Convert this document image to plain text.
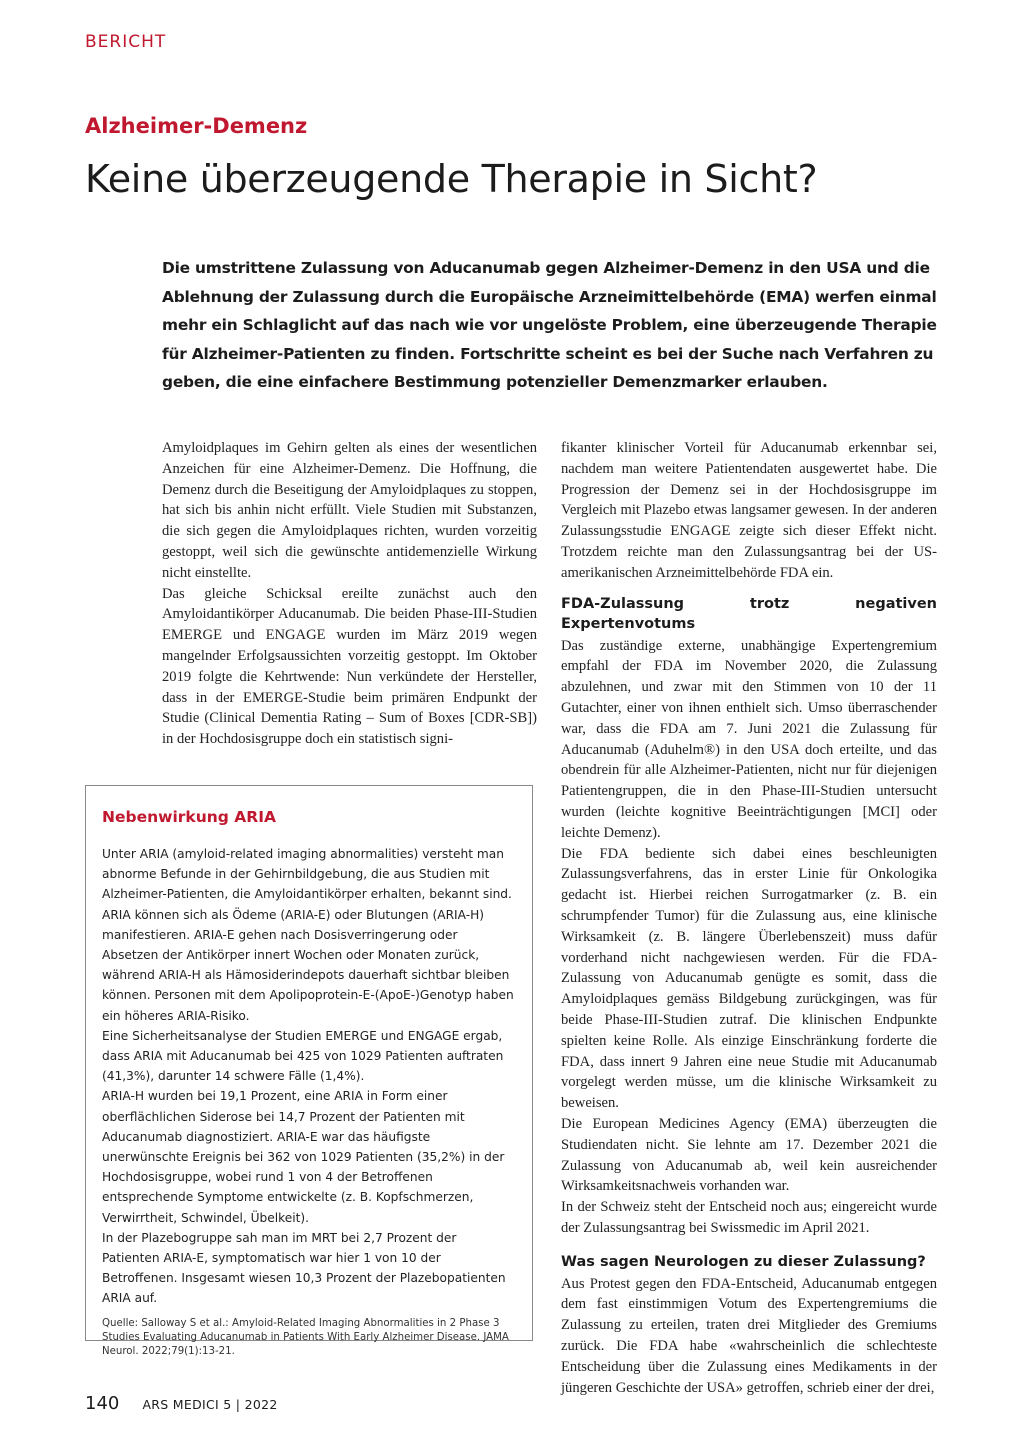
BERICHT
Alzheimer-Demenz
Keine überzeugende Therapie in Sicht?

Die umstrittene Zulassung von Aducanumab gegen Alzheimer-Demenz in den USA und die Ablehnung der Zulassung durch die Europäische Arzneimittelbehörde (EMA) werfen einmal mehr ein Schlaglicht auf das nach wie vor ungelöste Problem, eine überzeugende Therapie für Alzheimer-Patienten zu finden. Fortschritte scheint es bei der Suche nach Verfahren zu geben, die eine einfachere Bestimmung potenzieller Demenzmarker erlauben.

Amyloidplaques im Gehirn gelten als eines der wesentlichen Anzeichen für eine Alzheimer-Demenz. Die Hoffnung, die Demenz durch die Beseitigung der Amyloidplaques zu stoppen, hat sich bis anhin nicht erfüllt. Viele Studien mit Substanzen, die sich gegen die Amyloidplaques richten, wurden vorzeitig gestoppt, weil sich die gewünschte antidemenzielle Wirkung nicht einstellte.

Das gleiche Schicksal ereilte zunächst auch den Amyloidantikörper Aducanumab. Die beiden Phase-III-Studien EMERGE und ENGAGE wurden im März 2019 wegen mangelnder Erfolgsaussichten vorzeitig gestoppt. Im Oktober 2019 folgte die Kehrtwende: Nun verkündete der Hersteller, dass in der EMERGE-Studie beim primären Endpunkt der Studie (Clinical Dementia Rating – Sum of Boxes [CDR-SB]) in der Hochdosisgruppe doch ein statistisch signi-

fikanter klinischer Vorteil für Aducanumab erkennbar sei, nachdem man weitere Patientendaten ausgewertet habe. Die Progression der Demenz sei in der Hochdosisgruppe im Vergleich mit Plazebo etwas langsamer gewesen. In der anderen Zulassungsstudie ENGAGE zeigte sich dieser Effekt nicht. Trotzdem reichte man den Zulassungsantrag bei der US-amerikanischen Arzneimittelbehörde FDA ein.

FDA-Zulassung trotz negativen Expertenvotums

Das zuständige externe, unabhängige Expertengremium empfahl der FDA im November 2020, die Zulassung abzulehnen, und zwar mit den Stimmen von 10 der 11 Gutachter, einer von ihnen enthielt sich. Umso überraschender war, dass die FDA am 7. Juni 2021 die Zulassung für Aducanumab (Aduhelm®) in den USA doch erteilte, und das obendrein für alle Alzheimer-Patienten, nicht nur für diejenigen Patientengruppen, die in den Phase-III-Studien untersucht wurden (leichte kognitive Beeinträchtigungen [MCI] oder leichte Demenz).

Die FDA bediente sich dabei eines beschleunigten Zulassungsverfahrens, das in erster Linie für Onkologika gedacht ist. Hierbei reichen Surrogatmarker (z. B. ein schrumpfender Tumor) für die Zulassung aus, eine klinische Wirksamkeit (z. B. längere Überlebenszeit) muss dafür vorderhand nicht nachgewiesen werden. Für die FDA-Zulassung von Aducanumab genügte es somit, dass die Amyloidplaques gemäss Bildgebung zurückgingen, was für beide Phase-III-Studien zutraf. Die klinischen Endpunkte spielten keine Rolle. Als einzige Einschränkung forderte die FDA, dass innert 9 Jahren eine neue Studie mit Aducanumab vorgelegt werden müsse, um die klinische Wirksamkeit zu beweisen.

Die European Medicines Agency (EMA) überzeugten die Studiendaten nicht. Sie lehnte am 17. Dezember 2021 die Zulassung von Aducanumab ab, weil kein ausreichender Wirksamkeitsnachweis vorhanden war.

In der Schweiz steht der Entscheid noch aus; eingereicht wurde der Zulassungsantrag bei Swissmedic im April 2021.

Was sagen Neurologen zu dieser Zulassung?

Aus Protest gegen den FDA-Entscheid, Aducanumab entgegen dem fast einstimmigen Votum des Expertengremiums die Zulassung zu erteilen, traten drei Mitglieder des Gremiums zurück. Die FDA habe «wahrscheinlich die schlechteste Entscheidung über die Zulassung eines Medikaments in der jüngeren Geschichte der USA» getroffen, schrieb einer der drei,

Nebenwirkung ARIA

Unter ARIA (amyloid-related imaging abnormalities) versteht man abnorme Befunde in der Gehirnbildgebung, die aus Studien mit Alzheimer-Patienten, die Amyloidantikörper erhalten, bekannt sind. ARIA können sich als Ödeme (ARIA-E) oder Blutungen (ARIA-H) manifestieren. ARIA-E gehen nach Dosisverringerung oder Absetzen der Antikörper innert Wochen oder Monaten zurück, während ARIA-H als Hämosiderindepots dauerhaft sichtbar bleiben können. Personen mit dem Apolipoprotein-E-(ApoE-)Genotyp haben ein höheres ARIA-Risiko.

Eine Sicherheitsanalyse der Studien EMERGE und ENGAGE ergab, dass ARIA mit Aducanumab bei 425 von 1029 Patienten auftraten (41,3%), darunter 14 schwere Fälle (1,4%).

ARIA-H wurden bei 19,1 Prozent, eine ARIA in Form einer oberflächlichen Siderose bei 14,7 Prozent der Patienten mit Aducanumab diagnostiziert. ARIA-E war das häufigste unerwünschte Ereignis bei 362 von 1029 Patienten (35,2%) in der Hochdosisgruppe, wobei rund 1 von 4 der Betroffenen entsprechende Symptome entwickelte (z. B. Kopfschmerzen, Verwirrtheit, Schwindel, Übelkeit).

In der Plazebogruppe sah man im MRT bei 2,7 Prozent der Patienten ARIA-E, symptomatisch war hier 1 von 10 der Betroffenen. Insgesamt wiesen 10,3 Prozent der Plazebopatienten ARIA auf.

Quelle: Salloway S et al.: Amyloid-Related Imaging Abnormalities in 2 Phase 3 Studies Evaluating Aducanumab in Patients With Early Alzheimer Disease. JAMA Neurol. 2022;79(1):13-21.

140 ARS MEDICI 5 | 2022
